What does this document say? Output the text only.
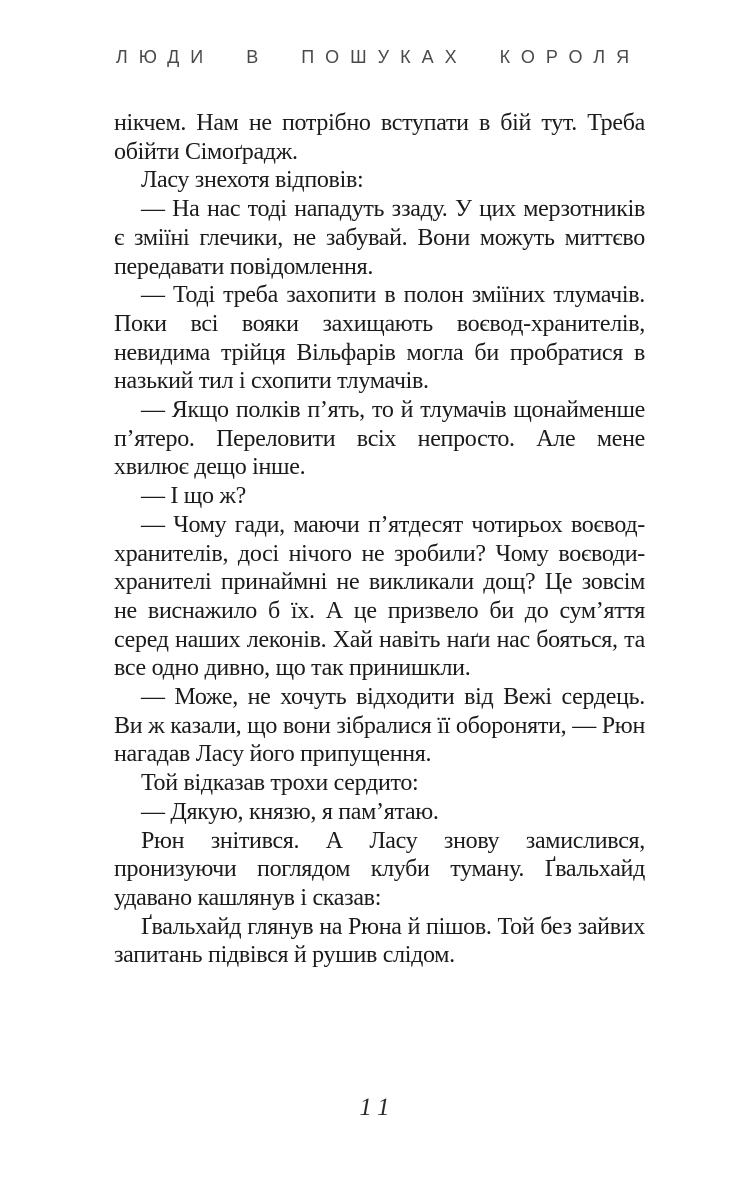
ЛЮДИ В ПОШУКАХ КОРОЛЯ

нікчем. Нам не потрібно вступати в бій тут. Треба обійти Сімоґрадж.

Ласу знехотя відповів:

— На нас тоді нападуть ззаду. У цих мерзотників є зміїні глечики, не забувай. Вони можуть миттєво передавати повідомлення.

— Тоді треба захопити в полон зміїних тлумачів. Поки всі вояки захищають воєвод-хранителів, невидима трійця Вільфарів могла би пробратися в назький тил і схопити тлумачів.

— Якщо полків п’ять, то й тлумачів щонайменше п’ятеро. Переловити всіх непросто. Але мене хвилює дещо інше.

— І що ж?

— Чому гади, маючи п’ятдесят чотирьох воєвод-хранителів, досі нічого не зробили? Чому воєводи-хранителі принаймні не викликали дощ? Це зовсім не виснажило б їх. А це призвело би до сум’яття серед наших леконів. Хай навіть наґи нас бояться, та все одно дивно, що так принишкли.

— Може, не хочуть відходити від Вежі сердець. Ви ж казали, що вони зібралися її обороняти, — Рюн нагадав Ласу його припущення.

Той відказав трохи сердито:

— Дякую, князю, я пам’ятаю.

Рюн знітився. А Ласу знову замислився, пронизуючи поглядом клуби туману. Ґвальхайд удавано кашлянув і сказав:

Ґвальхайд глянув на Рюна й пішов. Той без зайвих запитань підвівся й рушив слідом.

11
